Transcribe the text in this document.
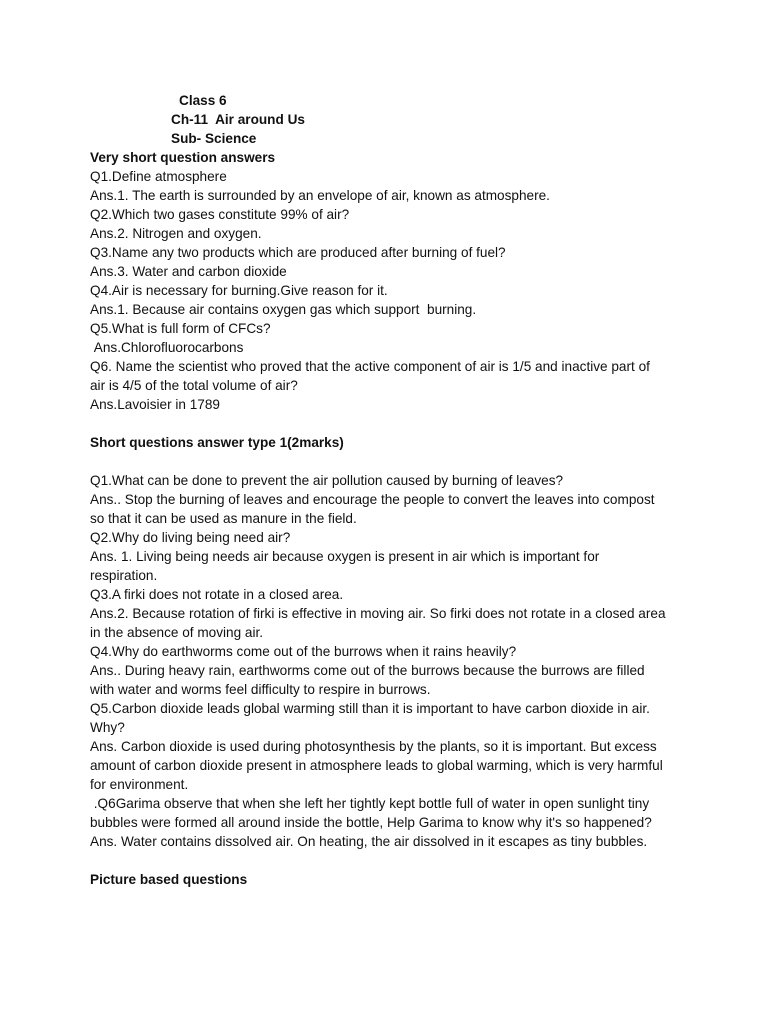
Class 6

Ch-11  Air around Us

Sub- Science

Very short question answers

Q1.Define atmosphere

Ans.1. The earth is surrounded by an envelope of air, known as atmosphere.

Q2.Which two gases constitute 99% of air?

Ans.2. Nitrogen and oxygen.

Q3.Name any two products which are produced after burning of fuel?

Ans.3. Water and carbon dioxide

Q4.Air is necessary for burning.Give reason for it.

Ans.1. Because air contains oxygen gas which support  burning.

Q5.What is full form of CFCs?

Ans.Chlorofluorocarbons

Q6. Name the scientist who proved that the active component of air is 1/5 and inactive part of

air is 4/5 of the total volume of air?

Ans.Lavoisier in 1789

Short questions answer type 1(2marks)

Q1.What can be done to prevent the air pollution caused by burning of leaves?

Ans.. Stop the burning of leaves and encourage the people to convert the leaves into compost

so that it can be used as manure in the field.

Q2.Why do living being need air?

Ans. 1. Living being needs air because oxygen is present in air which is important for

respiration.

Q3.A firki does not rotate in a closed area.

Ans.2. Because rotation of firki is effective in moving air. So firki does not rotate in a closed area

in the absence of moving air.

Q4.Why do earthworms come out of the burrows when it rains heavily?

Ans.. During heavy rain, earthworms come out of the burrows because the burrows are filled

with water and worms feel difficulty to respire in burrows.

Q5.Carbon dioxide leads global warming still than it is important to have carbon dioxide in air.

Why?

Ans. Carbon dioxide is used during photosynthesis by the plants, so it is important. But excess

amount of carbon dioxide present in atmosphere leads to global warming, which is very harmful

for environment.

.Q6Garima observe that when she left her tightly kept bottle full of water in open sunlight tiny

bubbles were formed all around inside the bottle, Help Garima to know why it's so happened?

Ans. Water contains dissolved air. On heating, the air dissolved in it escapes as tiny bubbles.

Picture based questions
